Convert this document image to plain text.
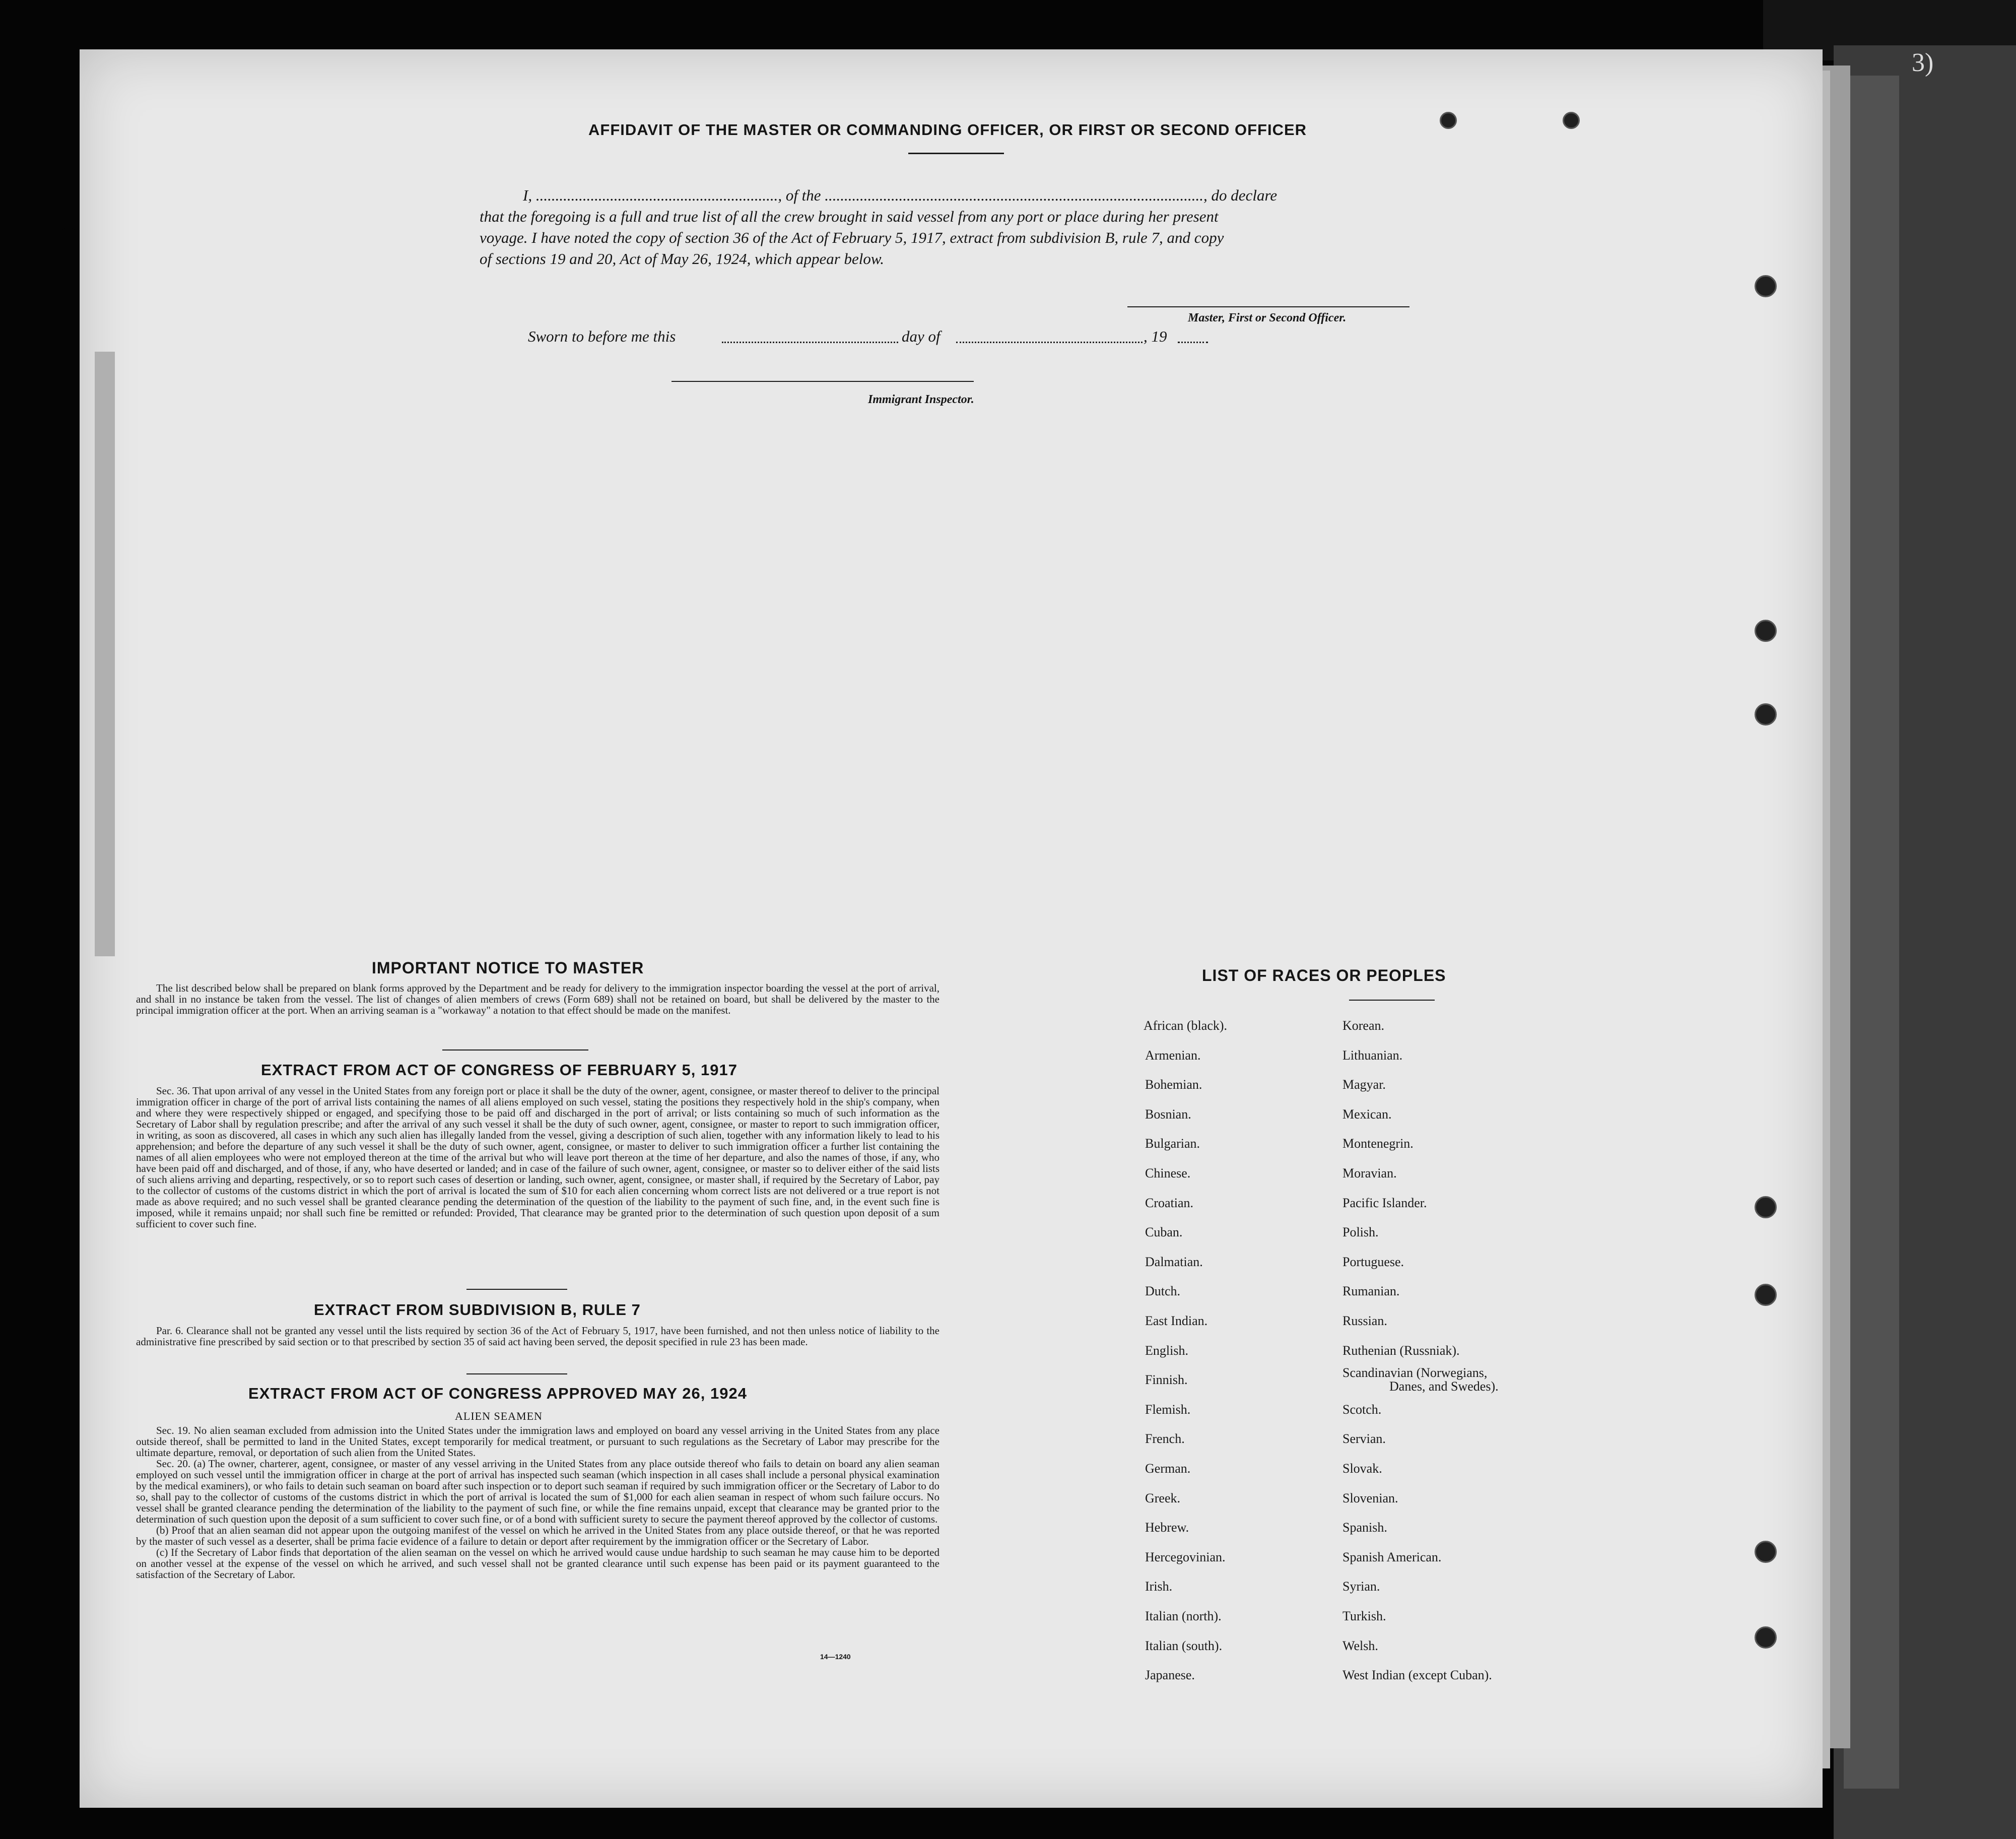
3)
AFFIDAVIT OF THE MASTER OR COMMANDING OFFICER, OR FIRST OR SECOND OFFICER
I, .............................................................., of the ................................................................................................., do declare
that the foregoing is a full and true list of all the crew brought in said vessel from any port or place during her present
voyage. I have noted the copy of section 36 of the Act of February 5, 1917, extract from subdivision B, rule 7, and copy
of sections 19 and 20, Act of May 26, 1924, which appear below.
Master, First or Second Officer.
Sworn to before me this	day of	, 19
Immigrant Inspector.
IMPORTANT NOTICE TO MASTER

The list described below shall be prepared on blank forms approved by the Department and be ready for delivery to the immigration inspector boarding the vessel at the port of arrival, and shall in no instance be taken from the vessel. The list of changes of alien members of crews (Form 689) shall not be retained on board, but shall be delivered by the master to the principal immigration officer at the port. When an arriving seaman is a "workaway" a notation to that effect should be made on the manifest.

EXTRACT FROM ACT OF CONGRESS OF FEBRUARY 5, 1917

Sec. 36. That upon arrival of any vessel in the United States from any foreign port or place it shall be the duty of the owner, agent, consignee, or master thereof to deliver to the principal immigration officer in charge of the port of arrival lists containing the names of all aliens employed on such vessel, stating the positions they respectively hold in the ship's company, when and where they were respectively shipped or engaged, and specifying those to be paid off and discharged in the port of arrival; or lists containing so much of such information as the Secretary of Labor shall by regulation prescribe; and after the arrival of any such vessel it shall be the duty of such owner, agent, consignee, or master to report to such immigration officer, in writing, as soon as discovered, all cases in which any such alien has illegally landed from the vessel, giving a description of such alien, together with any information likely to lead to his apprehension; and before the departure of any such vessel it shall be the duty of such owner, agent, consignee, or master to deliver to such immigration officer a further list containing the names of all alien employees who were not employed thereon at the time of the arrival but who will leave port thereon at the time of her departure, and also the names of those, if any, who have been paid off and discharged, and of those, if any, who have deserted or landed; and in case of the failure of such owner, agent, consignee, or master so to deliver either of the said lists of such aliens arriving and departing, respectively, or so to report such cases of desertion or landing, such owner, agent, consignee, or master shall, if required by the Secretary of Labor, pay to the collector of customs of the customs district in which the port of arrival is located the sum of $10 for each alien concerning whom correct lists are not delivered or a true report is not made as above required; and no such vessel shall be granted clearance pending the determination of the question of the liability to the payment of such fine, and, in the event such fine is imposed, while it remains unpaid; nor shall such fine be remitted or refunded: Provided, That clearance may be granted prior to the determination of such question upon deposit of a sum sufficient to cover such fine.

EXTRACT FROM SUBDIVISION B, RULE 7

Par. 6. Clearance shall not be granted any vessel until the lists required by section 36 of the Act of February 5, 1917, have been furnished, and not then unless notice of liability to the administrative fine prescribed by said section or to that prescribed by section 35 of said act having been served, the deposit specified in rule 23 has been made.

EXTRACT FROM ACT OF CONGRESS APPROVED MAY 26, 1924
ALIEN SEAMEN

Sec. 19. No alien seaman excluded from admission into the United States under the immigration laws and employed on board any vessel arriving in the United States from any place outside thereof, shall be permitted to land in the United States, except temporarily for medical treatment, or pursuant to such regulations as the Secretary of Labor may prescribe for the ultimate departure, removal, or deportation of such alien from the United States.

Sec. 20. (a) The owner, charterer, agent, consignee, or master of any vessel arriving in the United States from any place outside thereof who fails to detain on board any alien seaman employed on such vessel until the immigration officer in charge at the port of arrival has inspected such seaman (which inspection in all cases shall include a personal physical examination by the medical examiners), or who fails to detain such seaman on board after such inspection or to deport such seaman if required by such immigration officer or the Secretary of Labor to do so, shall pay to the collector of customs of the customs district in which the port of arrival is located the sum of $1,000 for each alien seaman in respect of whom such failure occurs. No vessel shall be granted clearance pending the determination of the liability to the payment of such fine, or while the fine remains unpaid, except that clearance may be granted prior to the determination of such question upon the deposit of a sum sufficient to cover such fine, or of a bond with sufficient surety to secure the payment thereof approved by the collector of customs.

(b) Proof that an alien seaman did not appear upon the outgoing manifest of the vessel on which he arrived in the United States from any place outside thereof, or that he was reported by the master of such vessel as a deserter, shall be prima facie evidence of a failure to detain or deport after requirement by the immigration officer or the Secretary of Labor.

(c) If the Secretary of Labor finds that deportation of the alien seaman on the vessel on which he arrived would cause undue hardship to such seaman he may cause him to be deported on another vessel at the expense of the vessel on which he arrived, and such vessel shall not be granted clearance until such expense has been paid or its payment guaranteed to the satisfaction of the Secretary of Labor.

14—1240
LIST OF RACES OR PEOPLES
African (black).
Armenian.
Bohemian.
Bosnian.
Bulgarian.
Chinese.
Croatian.
Cuban.
Dalmatian.
Dutch.
East Indian.
English.
Finnish.
Flemish.
French.
German.
Greek.
Hebrew.
Hercegovinian.
Irish.
Italian (north).
Italian (south).
Japanese.
Korean.
Lithuanian.
Magyar.
Mexican.
Montenegrin.
Moravian.
Pacific Islander.
Polish.
Portuguese.
Rumanian.
Russian.
Ruthenian (Russniak).
Scandinavian (Norwegians,
Danes, and Swedes).
Scotch.
Servian.
Slovak.
Slovenian.
Spanish.
Spanish American.
Syrian.
Turkish.
Welsh.
West Indian (except Cuban).
